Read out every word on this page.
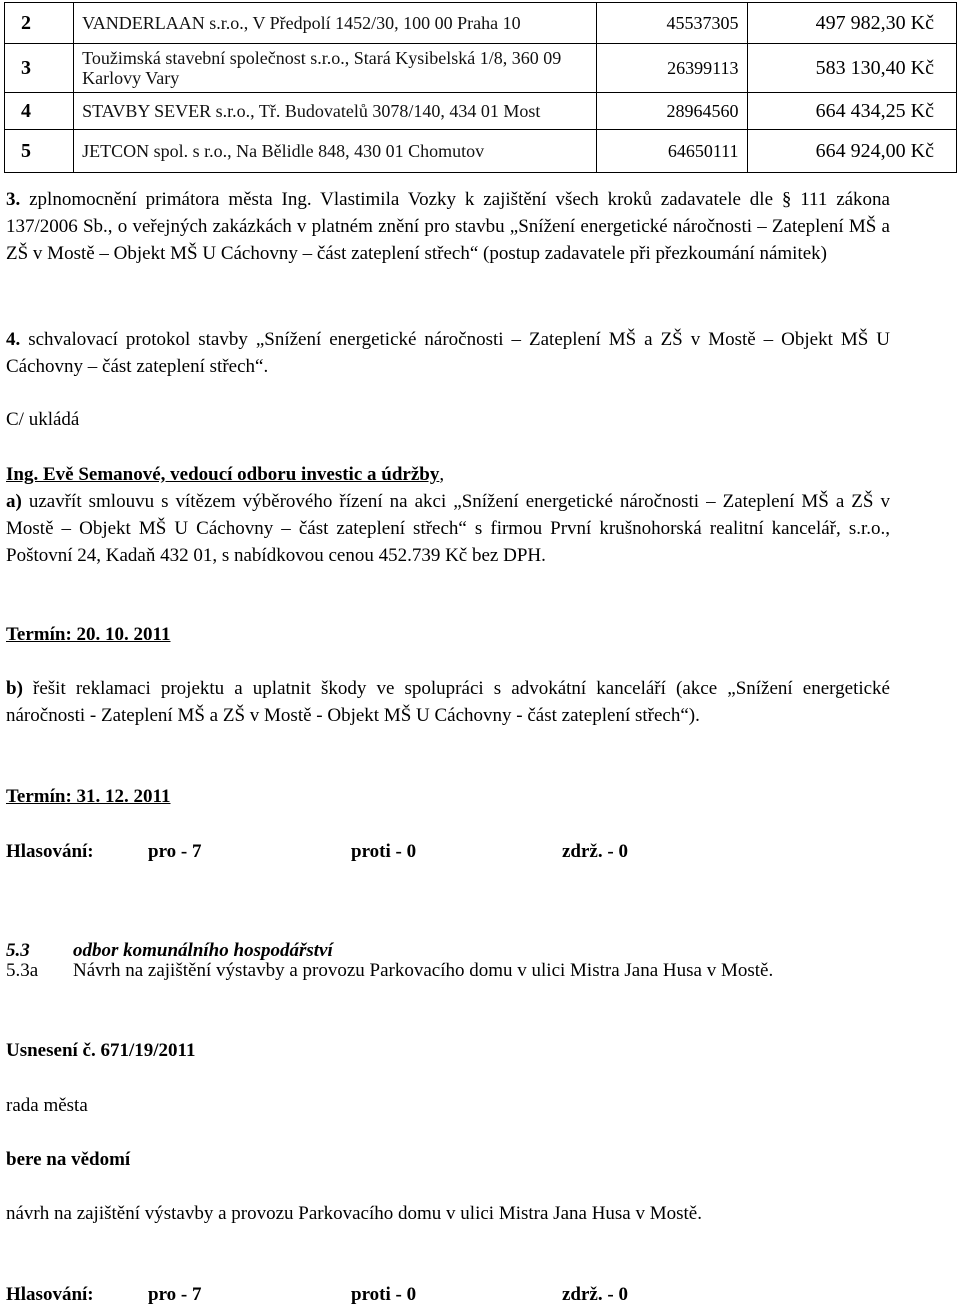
2	VANDERLAAN s.r.o., V Předpolí 1452/30, 100 00 Praha 10	45537305	497 982,30 Kč
3	Toužimská stavební společnost s.r.o., Stará Kysibelská 1/8, 360 09 Karlovy Vary	26399113	583 130,40 Kč
4	STAVBY SEVER s.r.o., Tř. Budovatelů 3078/140, 434 01 Most	28964560	664 434,25 Kč
5	JETCON spol. s r.o., Na Bělidle 848, 430 01 Chomutov	64650111	664 924,00 Kč
3. zplnomocnění primátora města Ing. Vlastimila Vozky k zajištění všech kroků zadavatele dle § 111 zákona 137/2006 Sb., o veřejných zakázkách v platném znění pro stavbu „Snížení energetické náročnosti – Zateplení MŠ a ZŠ v Mostě – Objekt MŠ U Cáchovny – část zateplení střech“ (postup zadavatele při přezkoumání námitek)
4. schvalovací protokol stavby „Snížení energetické náročnosti – Zateplení MŠ a ZŠ v Mostě – Objekt MŠ U Cáchovny – část zateplení střech“.
C/ ukládá
Ing. Evě Semanové, vedoucí odboru investic a údržby,
a) uzavřít smlouvu s vítězem výběrového řízení na akci „Snížení energetické náročnosti – Zateplení MŠ a ZŠ v Mostě – Objekt MŠ U Cáchovny – část zateplení střech“ s firmou První krušnohorská realitní kancelář, s.r.o., Poštovní 24, Kadaň 432 01, s nabídkovou cenou 452.739 Kč bez DPH.
Termín: 20. 10. 2011
b) řešit reklamaci projektu a uplatnit škody ve spolupráci s advokátní kanceláří (akce „Snížení energetické náročnosti - Zateplení MŠ a ZŠ v Mostě - Objekt MŠ U Cáchovny - část zateplení střech“).
Termín: 31. 12. 2011
Hlasování:	pro - 7	proti - 0	zdrž. - 0
5.3 odbor komunálního hospodářství
5.3a Návrh na zajištění výstavby a provozu Parkovacího domu v ulici Mistra Jana Husa v Mostě.
Usnesení č. 671/19/2011
rada města
bere na vědomí
návrh na zajištění výstavby a provozu Parkovacího domu v ulici Mistra Jana Husa v Mostě.
Hlasování:	pro - 7	proti - 0	zdrž. - 0
